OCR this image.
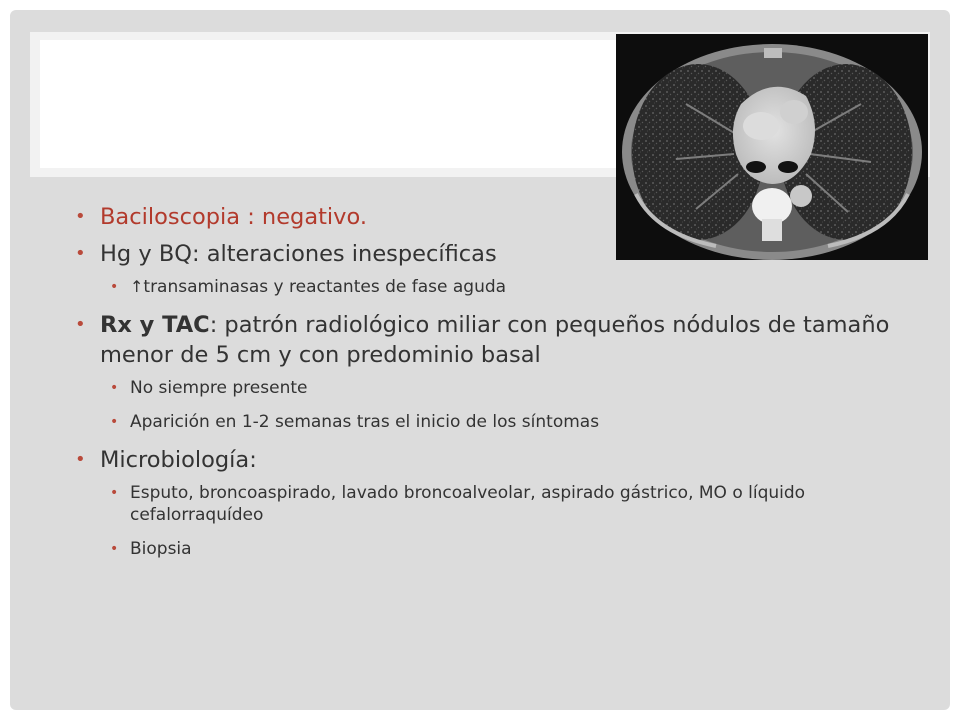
• Baciloscopia : negativo.
• Hg y BQ: alteraciones inespecíficas
• ↑transaminasas y reactantes de fase aguda
• Rx y TAC: patrón radiológico miliar con pequeños nódulos de tamaño menor de 5 cm y con predominio basal
• No siempre presente
• Aparición en 1-2 semanas tras el inicio de los síntomas
• Microbiología:
• Esputo, broncoaspirado, lavado broncoalveolar, aspirado gástrico, MO o líquido cefalorraquídeo
• Biopsia
